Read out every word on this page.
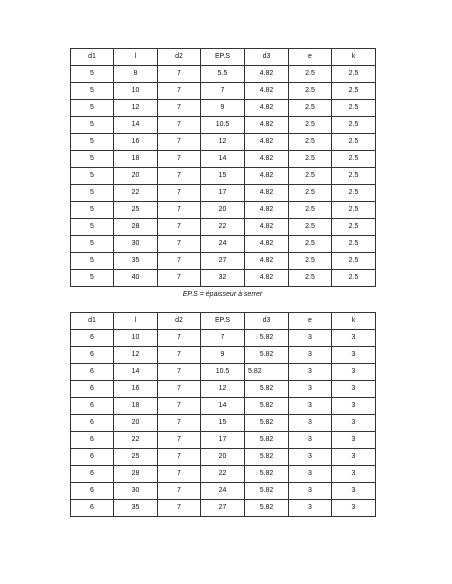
d1	l	d2	EP.S	d3	e	k
5	8	7	5.5	4.82	2.5	2.5
5	10	7	7	4.82	2.5	2.5
5	12	7	9	4.82	2.5	2.5
5	14	7	10.5	4.82	2.5	2.5
5	16	7	12	4.82	2.5	2.5
5	18	7	14	4.82	2.5	2.5
5	20	7	15	4.82	2.5	2.5
5	22	7	17	4.82	2.5	2.5
5	25	7	20	4.82	2.5	2.5
5	28	7	22	4.82	2.5	2.5
5	30	7	24	4.82	2.5	2.5
5	35	7	27	4.82	2.5	2.5
5	40	7	32	4.82	2.5	2.5
EP.S = épaisseur à serrer
d1	l	d2	EP.S	d3	e	k
6	10	7	7	5.82	3	3
6	12	7	9	5.82	3	3
6	14	7	10.5	5.82	3	3
6	16	7	12	5.82	3	3
6	18	7	14	5.82	3	3
6	20	7	15	5.82	3	3
6	22	7	17	5.82	3	3
6	25	7	20	5.82	3	3
6	28	7	22	5.82	3	3
6	30	7	24	5.82	3	3
6	35	7	27	5.82	3	3
